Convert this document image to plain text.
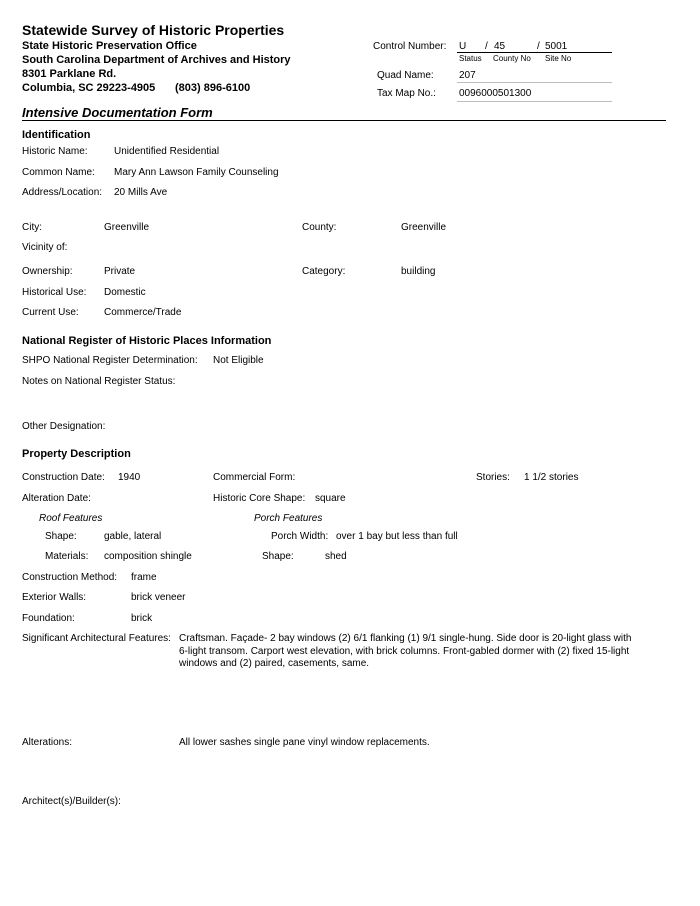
Statewide Survey of Historic Properties
State Historic Preservation Office
South Carolina Department of Archives and History
8301 Parklane Rd.
Columbia, SC 29223-4905 (803) 896-6100
Control Number: U / 45	/ 5001
Status County No Site No
Quad Name:	207
Tax Map No.: 0096000501300
Intensive Documentation Form
Identification
Historic Name:	Unidentified Residential
Common Name: Mary Ann Lawson Family Counseling
Address/Location: 20 Mills Ave
City:	Greenville	County:	Greenville
Vicinity of:
Ownership:	Private	Category:	building
Historical Use: Domestic
Current Use:	Commerce/Trade
National Register of Historic Places Information
SHPO National Register Determination: Not Eligible
Notes on National Register Status:
Other Designation:
Property Description
Construction Date: 1940	Commercial Form:	Stories: 1 1/2 stories
Alteration Date:	Historic Core Shape: square
Roof Features	Porch Features
Shape:	gable, lateral	Porch Width: over 1 bay but less than full
Materials: composition shingle	Shape:	shed
Construction Method: frame
Exterior Walls:	brick veneer
Foundation:	brick
Significant Architectural Features: Craftsman. Façade- 2 bay windows (2) 6/1 flanking (1) 9/1 single-hung. Side door is 20-light glass with 6-light transom. Carport west elevation, with brick columns. Front-gabled dormer with (2) fixed 15-light windows and (2) paired, casements, same.
Alterations:	All lower sashes single pane vinyl window replacements.
Architect(s)/Builder(s):
